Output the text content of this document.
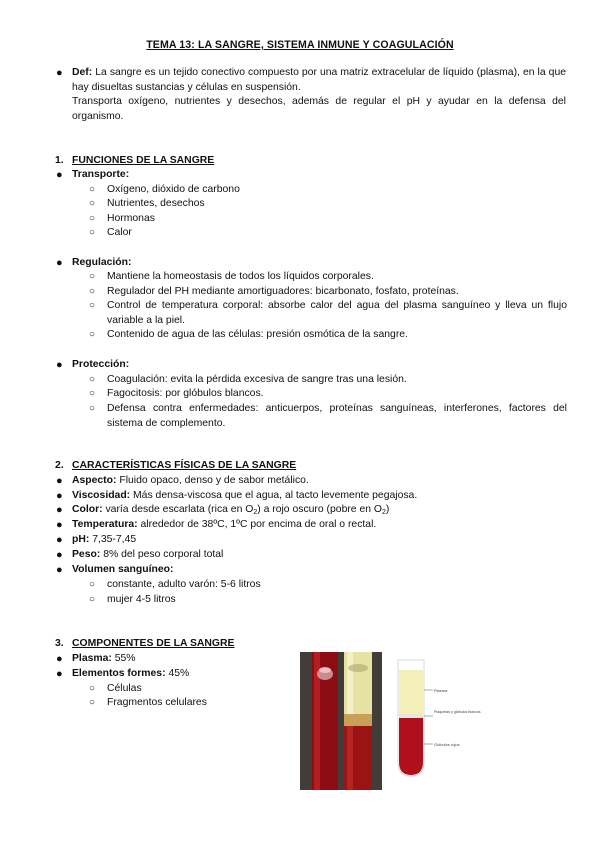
TEMA 13: LA SANGRE, SISTEMA INMUNE Y COAGULACIÓN
● Def: La sangre es un tejido conectivo compuesto por una matriz extracelular de líquido (plasma), en la que hay disueltas sustancias y células en suspensión.
Transporta oxígeno, nutrientes y desechos, además de regular el pH y ayudar en la defensa del organismo.
1. FUNCIONES DE LA SANGRE
● Transporte:
○ Oxígeno, dióxido de carbono
○ Nutrientes, desechos
○ Hormonas
○ Calor
● Regulación:
○ Mantiene la homeostasis de todos los líquidos corporales.
○ Regulador del PH mediante amortiguadores: bicarbonato, fosfato, proteínas.
○ Control de temperatura corporal: absorbe calor del agua del plasma sanguíneo y lleva un flujo variable a la piel.
○ Contenido de agua de las células: presión osmótica de la sangre.
● Protección:
○ Coagulación: evita la pérdida excesiva de sangre tras una lesión.
○ Fagocitosis: por glóbulos blancos.
○ Defensa contra enfermedades: anticuerpos, proteínas sanguíneas, interferones, factores del sistema de complemento.
2. CARACTERÍSTICAS FÍSICAS DE LA SANGRE
● Aspecto: Fluido opaco, denso y de sabor metálico.
● Viscosidad: Más densa-viscosa que el agua, al tacto levemente pegajosa.
● Color: varía desde escarlata (rica en $O_2$) a rojo oscuro (pobre en $O_2$)
● Temperatura: alrededor de 38ºC, 1ºC por encima de oral o rectal.
● pH: 7,35-7,45
● Peso: 8% del peso corporal total
● Volumen sanguíneo:
○ constante, adulto varón: 5-6 litros
○ mujer 4-5 litros
3. COMPONENTES DE LA SANGRE
● Plasma: 55%
● Elementos formes: 45%
○ Células
○ Fragmentos celulares
Plasma
Plaquetas y glóbulos blancos
Glóbulos rojos
